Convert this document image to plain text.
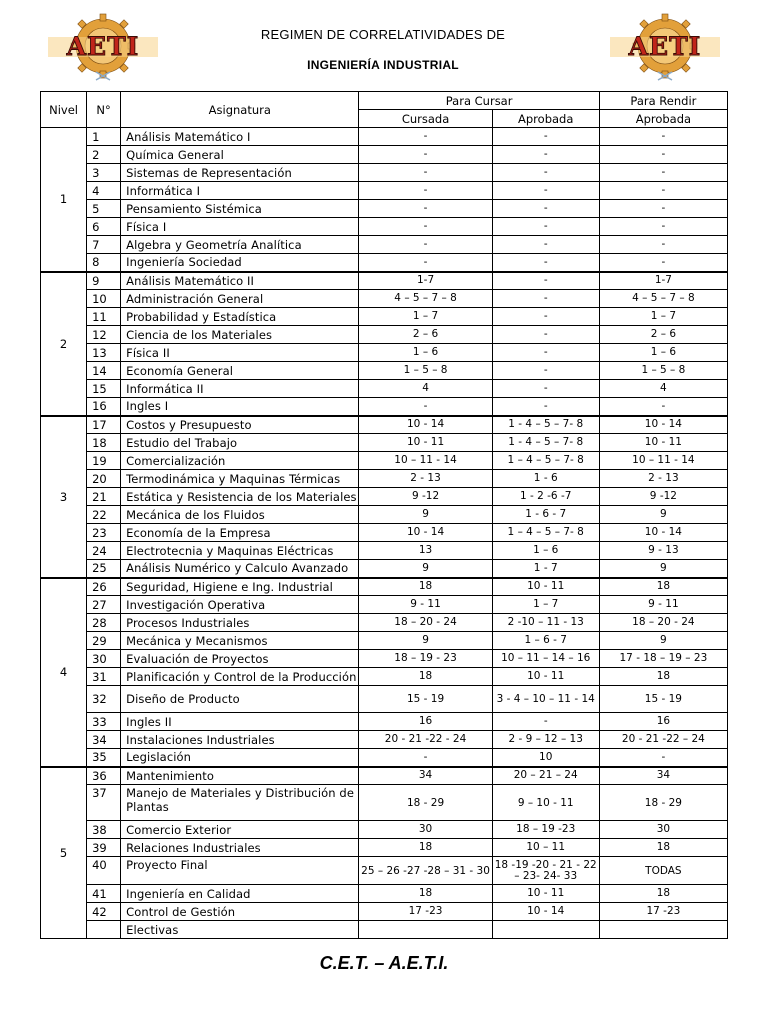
AETI	REGIMEN DE CORRELATIVIDADES DE
INGENIERÍA INDUSTRIAL
AETI
Nivel	N°	Asignatura	Para Cursar		Para Rendir
			Cursada	Aprobada	Aprobada
1	1	Análisis Matemático I	-	-	-
	2	Química General	-	-	-
	3	Sistemas de Representación	-	-	-
	4	Informática I	-	-	-
	5	Pensamiento Sistémica	-	-	-
	6	Física I	-	-	-
	7	Algebra y Geometría Analítica	-	-	-
	8	Ingeniería Sociedad	-	-	-
2	9	Análisis Matemático II	1-7	-	1-7
	10	Administración General	4 – 5 – 7 – 8	-	4 – 5 – 7 – 8
	11	Probabilidad y Estadística	1 – 7	-	1 – 7
	12	Ciencia de los Materiales	2 – 6	-	2 – 6
	13	Física II	1 – 6	-	1 – 6
	14	Economía General	1 – 5 – 8	-	1 – 5 – 8
	15	Informática II	4	-	4
	16	Ingles I	-	-	-
3	17	Costos y Presupuesto	10 - 14	1 - 4 – 5 – 7- 8	10 - 14
	18	Estudio del Trabajo	10 - 11	1 - 4 – 5 – 7- 8	10 - 11
	19	Comercialización	10 – 11 - 14	1 – 4 – 5 – 7- 8	10 – 11 - 14
	20	Termodinámica y Maquinas Térmicas	2 - 13	1 - 6	2 - 13
	21	Estática y Resistencia de los Materiales	9 -12	1 - 2 -6 -7	9 -12
	22	Mecánica de los Fluidos	9	1 - 6 - 7	9
	23	Economía de la Empresa	10 - 14	1 – 4 – 5 – 7- 8	10 - 14
	24	Electrotecnia y Maquinas Eléctricas	13	1 – 6	9 - 13
	25	Análisis Numérico y Calculo Avanzado	9	1 - 7	9
4	26	Seguridad, Higiene e Ing. Industrial	18	10 - 11	18
	27	Investigación Operativa	9 - 11	1 – 7	9 - 11
	28	Procesos Industriales	18 – 20 - 24	2 -10 – 11 - 13	18 – 20 - 24
	29	Mecánica y Mecanismos	9	1 – 6 - 7	9
	30	Evaluación de Proyectos	18 – 19 - 23	10 – 11 – 14 – 16	17 - 18 – 19 – 23
	31	Planificación y Control de la Producción	18	10 - 11	18
	32	Diseño de Producto	15 - 19	3 - 4 – 10 – 11 - 14	15 - 19
	33	Ingles II	16	-	16
	34	Instalaciones Industriales	20 - 21 -22 - 24	2 - 9 – 12 – 13	20 - 21 -22 – 24
	35	Legislación	-	10	-
5	36	Mantenimiento	34	20 – 21 – 24	34
	37	Manejo de Materiales y Distribución de Plantas	18 - 29	9 – 10 - 11	18 - 29
	38	Comercio Exterior	30	18 – 19 -23	30
	39	Relaciones Industriales	18	10 – 11	18
	40	Proyecto Final	25 – 26 -27 -28 – 31 - 30	18 -19 -20 - 21 - 22 – 23- 24- 33	TODAS
	41	Ingeniería en Calidad	18	10 - 11	18
	42	Control de Gestión	17 -23	10 - 14	17 -23
		Electivas			
C.E.T. – A.E.T.I.
